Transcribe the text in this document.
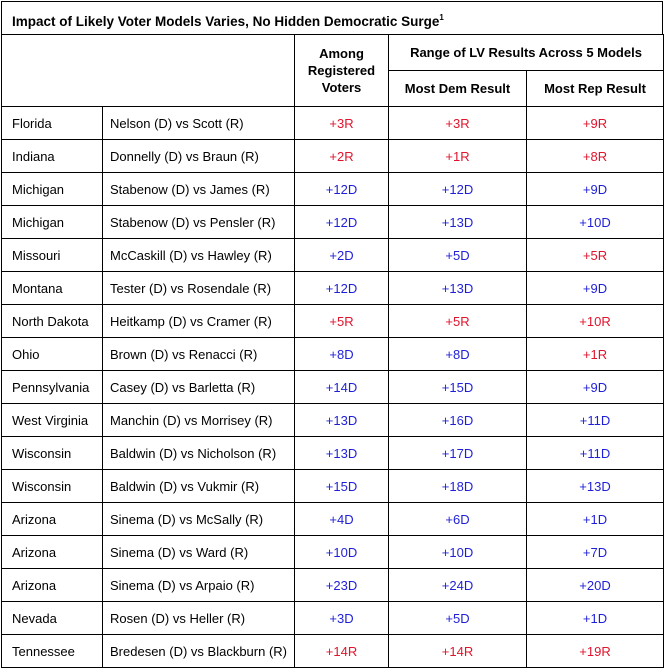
Impact of Likely Voter Models Varies, No Hidden Democratic Surge$^1$
		Among Registered Voters	Range of LV Results Across 5 Models	
			Most Dem Result	Most Rep Result
Florida	Nelson (D) vs Scott (R)	+3R	+3R	+9R
Indiana	Donnelly (D) vs Braun (R)	+2R	+1R	+8R
Michigan	Stabenow (D) vs James (R)	+12D	+12D	+9D
Michigan	Stabenow (D) vs Pensler (R)	+12D	+13D	+10D
Missouri	McCaskill (D) vs Hawley (R)	+2D	+5D	+5R
Montana	Tester (D) vs Rosendale (R)	+12D	+13D	+9D
North Dakota	Heitkamp (D) vs Cramer (R)	+5R	+5R	+10R
Ohio	Brown (D) vs Renacci (R)	+8D	+8D	+1R
Pennsylvania	Casey (D) vs Barletta (R)	+14D	+15D	+9D
West Virginia	Manchin (D) vs Morrisey (R)	+13D	+16D	+11D
Wisconsin	Baldwin (D) vs Nicholson (R)	+13D	+17D	+11D
Wisconsin	Baldwin (D) vs Vukmir (R)	+15D	+18D	+13D
Arizona	Sinema (D) vs McSally (R)	+4D	+6D	+1D
Arizona	Sinema (D) vs Ward (R)	+10D	+10D	+7D
Arizona	Sinema (D) vs Arpaio (R)	+23D	+24D	+20D
Nevada	Rosen (D) vs Heller (R)	+3D	+5D	+1D
Tennessee	Bredesen (D) vs Blackburn (R)	+14R	+14R	+19R
